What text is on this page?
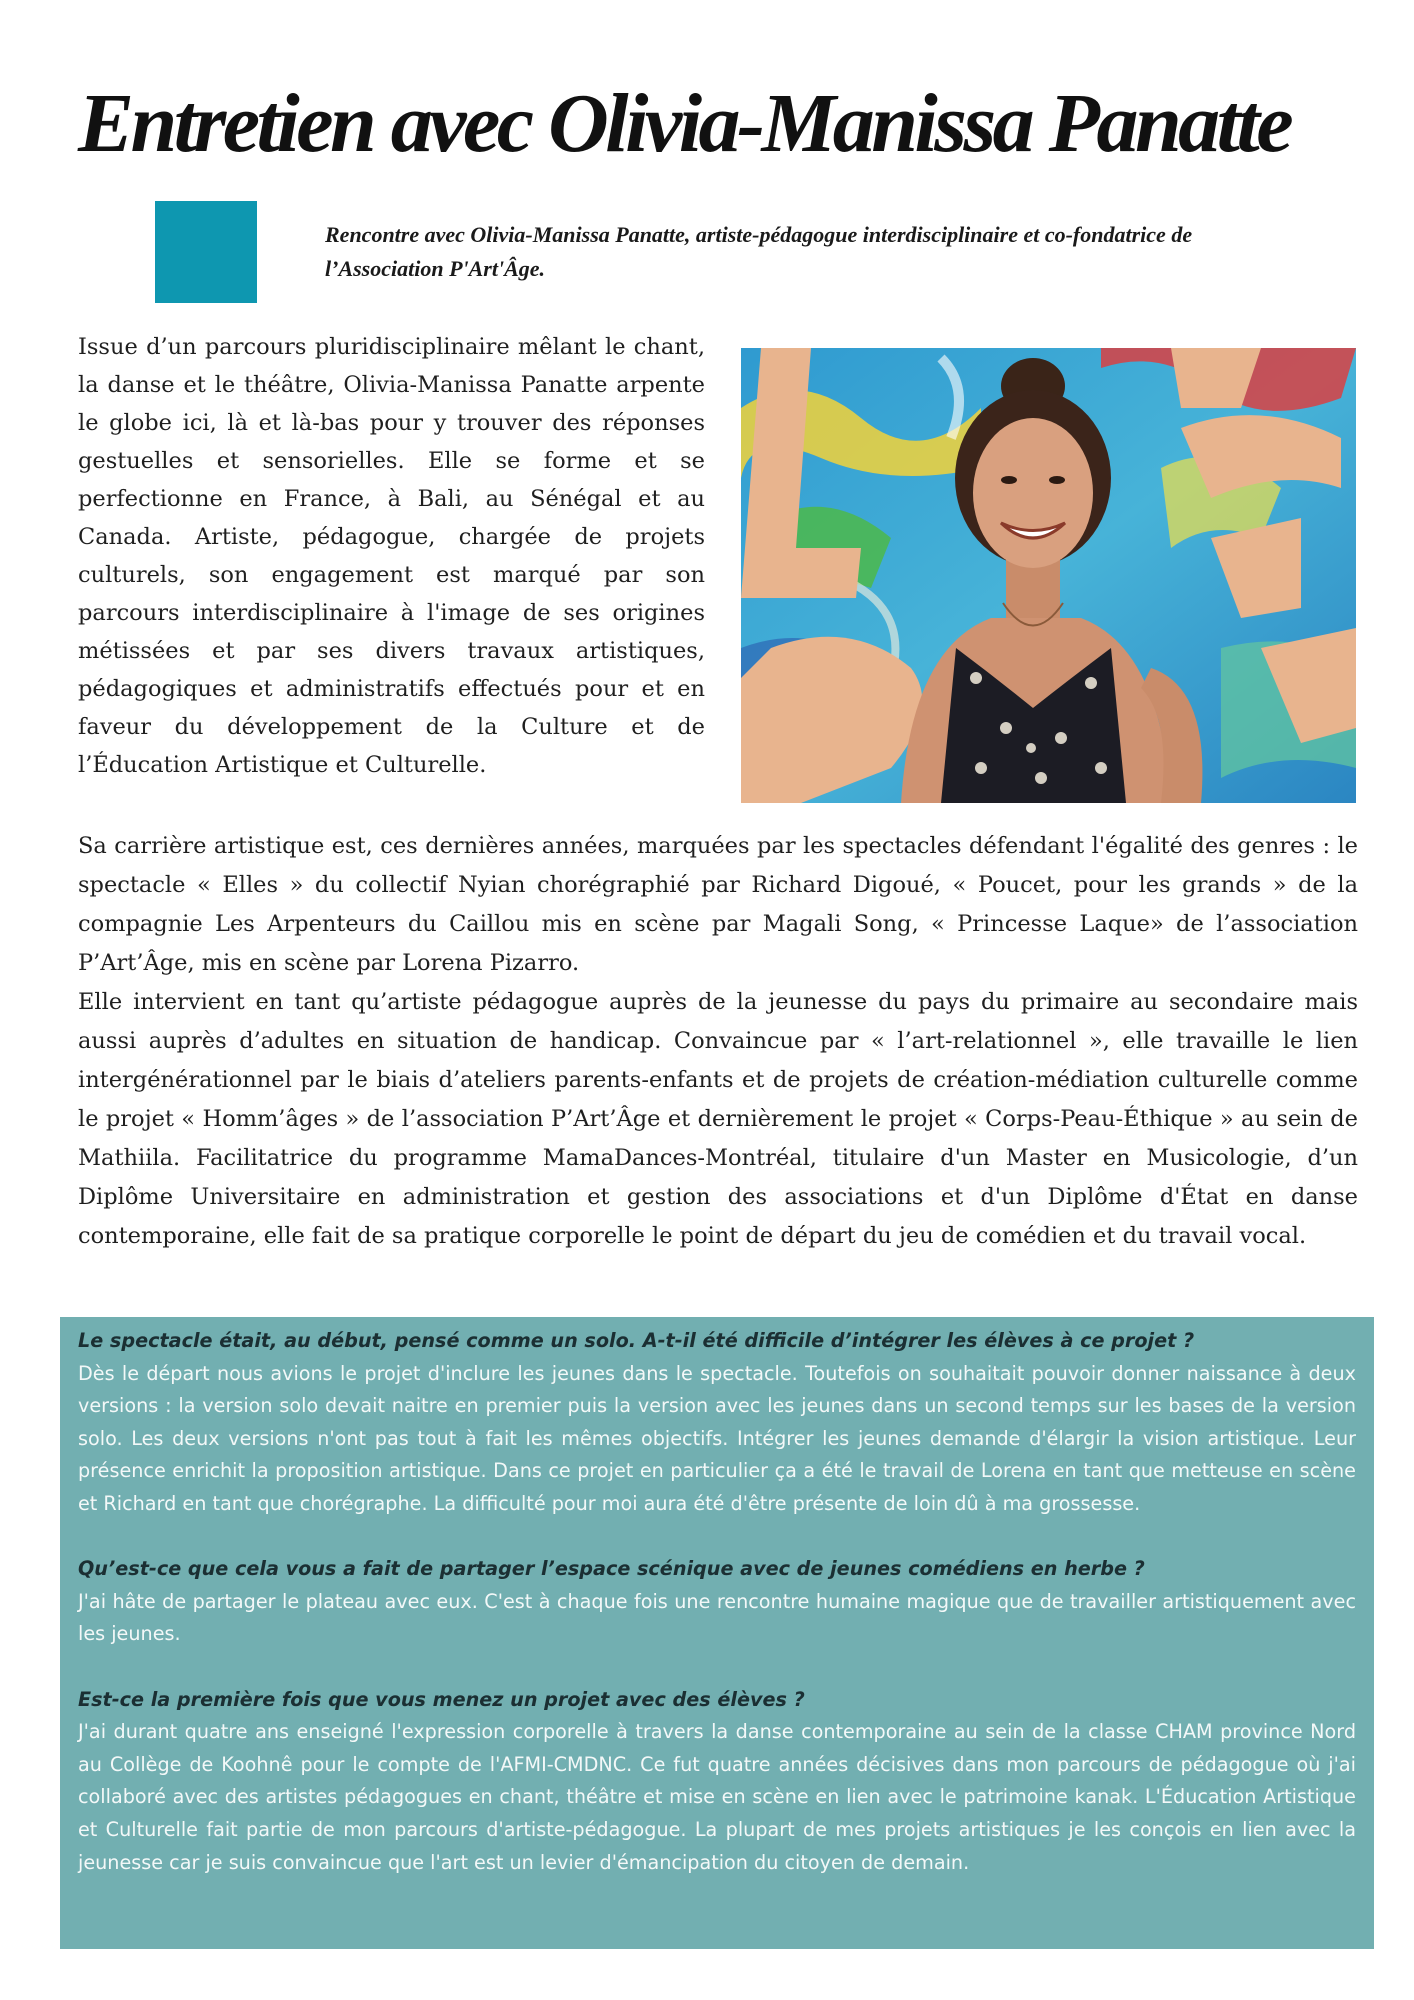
Entretien avec Olivia-Manissa Panatte

Rencontre avec Olivia-Manissa Panatte, artiste-pédagogue interdisciplinaire et co-fondatrice de l’Association P'Art'Âge.

Issue d’un parcours pluridisciplinaire mêlant le chant, la danse et le théâtre, Olivia-Manissa Panatte arpente le globe ici, là et là-bas pour y trouver des réponses gestuelles et sensorielles. Elle se forme et se perfectionne en France, à Bali, au Sénégal et au Canada. Artiste, pédagogue, chargée de projets culturels, son engagement est marqué par son parcours interdisciplinaire à l'image de ses origines métissées et par ses divers travaux artistiques, pédagogiques et administratifs effectués pour et en faveur du développement de la Culture et de l’Éducation Artistique et Culturelle.

Sa carrière artistique est, ces dernières années, marquées par les spectacles défendant l'égalité des genres : le spectacle « Elles » du collectif Nyian chorégraphié par Richard Digoué, « Poucet, pour les grands » de la compagnie Les Arpenteurs du Caillou mis en scène par Magali Song, « Princesse Laque» de l’association P’Art’Âge, mis en scène par Lorena Pizarro.

Elle intervient en tant qu’artiste pédagogue auprès de la jeunesse du pays du primaire au secondaire mais aussi auprès d’adultes en situation de handicap. Convaincue par « l’art-relationnel », elle travaille le lien intergénérationnel par le biais d’ateliers parents-enfants et de projets de création-médiation culturelle comme le projet « Homm’âges » de l’association P’Art’Âge et dernièrement le projet « Corps-Peau-Éthique » au sein de Mathiila. Facilitatrice du programme MamaDances-Montréal, titulaire d'un Master en Musicologie, d’un Diplôme Universitaire en administration et gestion des associations et d'un Diplôme d'État en danse contemporaine, elle fait de sa pratique corporelle le point de départ du jeu de comédien et du travail vocal.

Le spectacle était, au début, pensé comme un solo. A-t-il été difficile d’intégrer les élèves à ce projet ?

Dès le départ nous avions le projet d'inclure les jeunes dans le spectacle. Toutefois on souhaitait pouvoir donner naissance à deux versions : la version solo devait naitre en premier puis la version avec les jeunes dans un second temps sur les bases de la version solo. Les deux versions n'ont pas tout à fait les mêmes objectifs. Intégrer les jeunes demande d'élargir la vision artistique. Leur présence enrichit la proposition artistique. Dans ce projet en particulier ça a été le travail de Lorena en tant que metteuse en scène et Richard en tant que chorégraphe. La difficulté pour moi aura été d'être présente de loin dû à ma grossesse.

Qu’est-ce que cela vous a fait de partager l’espace scénique avec de jeunes comédiens en herbe ?

J'ai hâte de partager le plateau avec eux. C'est à chaque fois une rencontre humaine magique que de travailler artistiquement avec les jeunes.

Est-ce la première fois que vous menez un projet avec des élèves ?

J'ai durant quatre ans enseigné l'expression corporelle à travers la danse contemporaine au sein de la classe CHAM province Nord au Collège de Koohnê pour le compte de l'AFMI-CMDNC. Ce fut quatre années décisives dans mon parcours de pédagogue où j'ai collaboré avec des artistes pédagogues en chant, théâtre et mise en scène en lien avec le patrimoine kanak. L'Éducation Artistique et Culturelle fait partie de mon parcours d'artiste-pédagogue. La plupart de mes projets artistiques je les conçois en lien avec la jeunesse car je suis convaincue que l'art est un levier d'émancipation du citoyen de demain.
